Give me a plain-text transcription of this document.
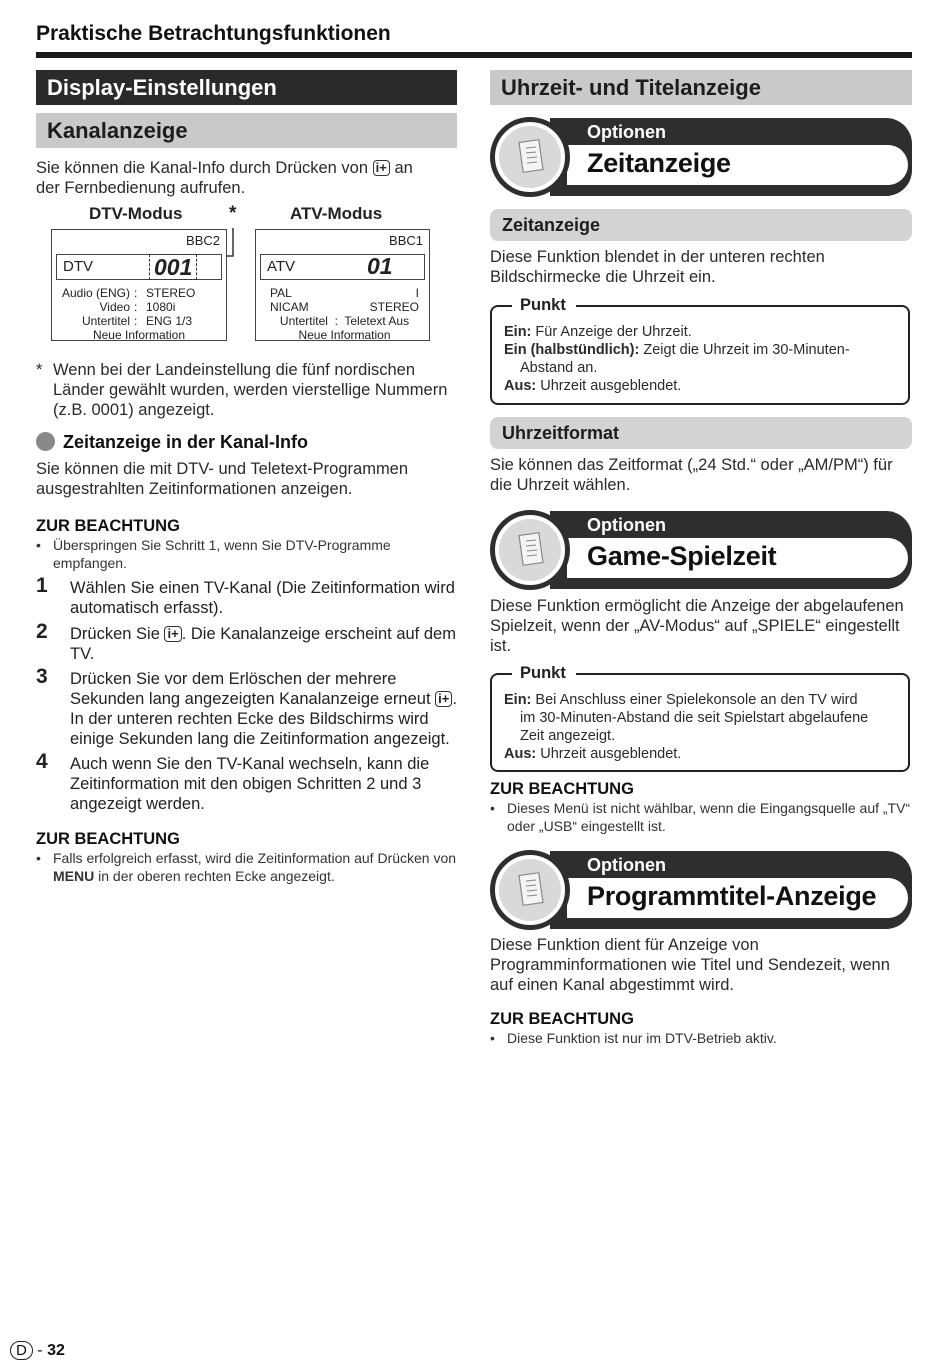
Praktische Betrachtungsfunktionen
Display-Einstellungen
Kanalanzeige

Sie können die Kanal-Info durch Drücken von i+ an
der Fernbedienung aufrufen.

DTV-Modus *	ATV-Modus
BBC2
DTV	001
Audio (ENG) : STEREO
Video : 1080i
Untertitel : ENG 1/3
Neue Information
BBC1
ATV	01
PAL	I
NICAM	STEREO
Untertitel  :  Teletext Aus
Neue Information
* Wenn bei der Landeinstellung die fünf nordischen Länder gewählt wurden, werden vierstellige Nummern (z.B. 0001) angezeigt.
Zeitanzeige in der Kanal-Info

Sie können die mit DTV- und Teletext-Programmen ausgestrahlten Zeitinformationen anzeigen.

ZUR BEACHTUNG
• Überspringen Sie Schritt 1, wenn Sie DTV-Programme empfangen.
1 Wählen Sie einen TV-Kanal (Die Zeitinformation wird automatisch erfasst).
2 Drücken Sie i+ . Die Kanalanzeige erscheint auf dem TV.
3 Drücken Sie vor dem Erlöschen der mehrere Sekunden lang angezeigten Kanalanzeige erneut i+ . In der unteren rechten Ecke des Bildschirms wird einige Sekunden lang die Zeitinformation angezeigt.
4 Auch wenn Sie den TV-Kanal wechseln, kann die Zeitinformation mit den obigen Schritten 2 und 3 angezeigt werden.
ZUR BEACHTUNG
• Falls erfolgreich erfasst, wird die Zeitinformation auf Drücken von MENU in der oberen rechten Ecke angezeigt.
Uhrzeit- und Titelanzeige
Optionen
Zeitanzeige
Zeitanzeige

Diese Funktion blendet in der unteren rechten Bildschirmecke die Uhrzeit ein.

Punkt
Ein: Für Anzeige der Uhrzeit.
Ein (halbstündlich): Zeigt die Uhrzeit im 30-Minuten-
Abstand an.
Aus: Uhrzeit ausgeblendet.
Uhrzeitformat

Sie können das Zeitformat („24 Std.“ oder „AM/PM“) für die Uhrzeit wählen.

Optionen
Game-Spielzeit

Diese Funktion ermöglicht die Anzeige der abgelaufenen Spielzeit, wenn der „AV-Modus“ auf „SPIELE“ eingestellt ist.

Punkt
Ein: Bei Anschluss einer Spielekonsole an den TV wird
im 30-Minuten-Abstand die seit Spielstart abgelaufene
Zeit angezeigt.
Aus: Uhrzeit ausgeblendet.
ZUR BEACHTUNG
• Dieses Menü ist nicht wählbar, wenn die Eingangsquelle auf „TV“ oder „USB“ eingestellt ist.
Optionen
Programmtitel-Anzeige

Diese Funktion dient für Anzeige von Programminformationen wie Titel und Sendezeit, wenn auf einen Kanal abgestimmt wird.

ZUR BEACHTUNG
• Diese Funktion ist nur im DTV-Betrieb aktiv.
D - 32
